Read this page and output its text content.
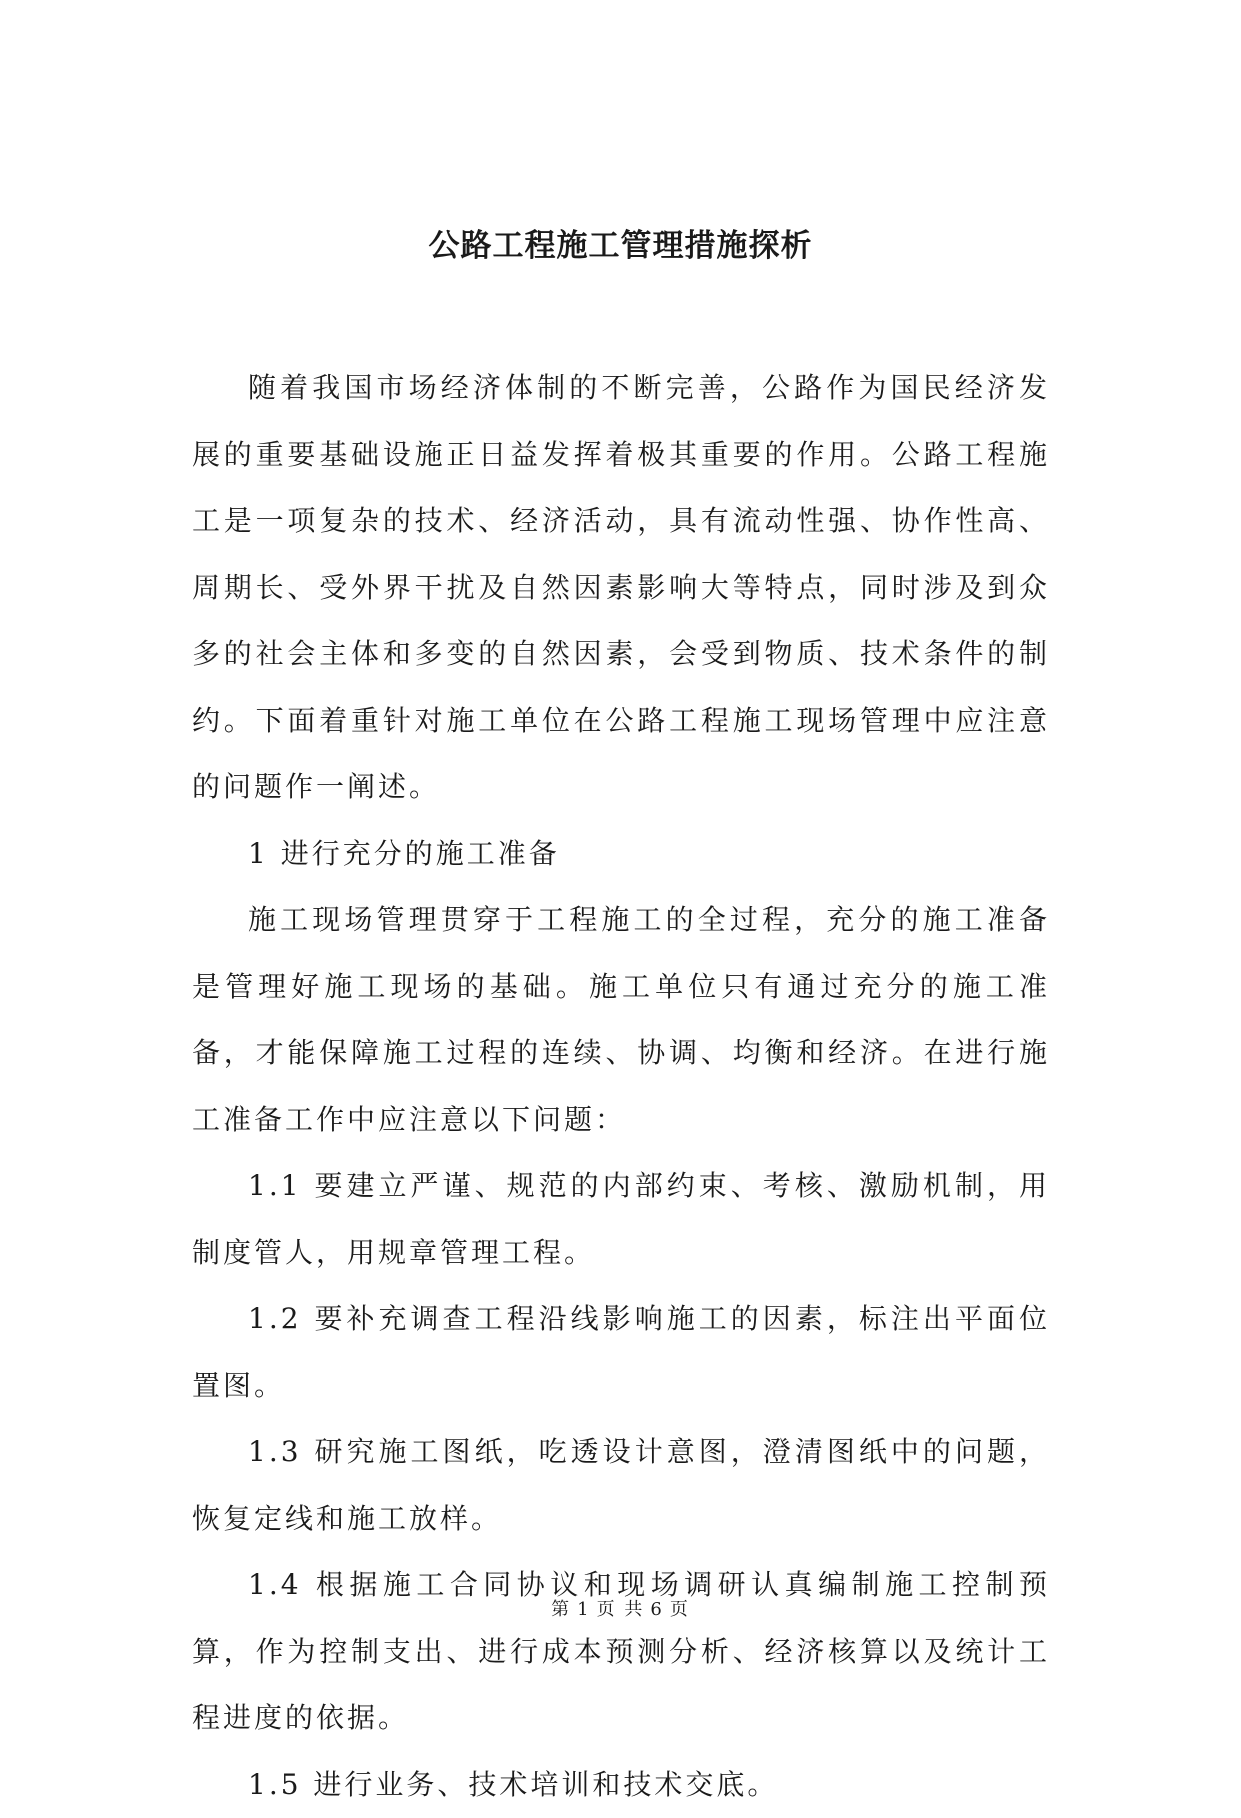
公路工程施工管理措施探析

随着我国市场经济体制的不断完善，公路作为国民经济发展的重要基础设施正日益发挥着极其重要的作用。公路工程施工是一项复杂的技术、经济活动，具有流动性强、协作性高、周期长、受外界干扰及自然因素影响大等特点，同时涉及到众多的社会主体和多变的自然因素，会受到物质、技术条件的制约。下面着重针对施工单位在公路工程施工现场管理中应注意的问题作一阐述。

1 进行充分的施工准备

施工现场管理贯穿于工程施工的全过程，充分的施工准备是管理好施工现场的基础。施工单位只有通过充分的施工准备，才能保障施工过程的连续、协调、均衡和经济。在进行施工准备工作中应注意以下问题：

1.1 要建立严谨、规范的内部约束、考核、激励机制，用制度管人，用规章管理工程。

1.2 要补充调查工程沿线影响施工的因素，标注出平面位置图。

1.3 研究施工图纸，吃透设计意图，澄清图纸中的问题，恢复定线和施工放样。

1.4 根据施工合同协议和现场调研认真编制施工控制预算，作为控制支出、进行成本预测分析、经济核算以及统计工程进度的依据。

1.5 进行业务、技术培训和技术交底。

第 1 页 共 6 页
